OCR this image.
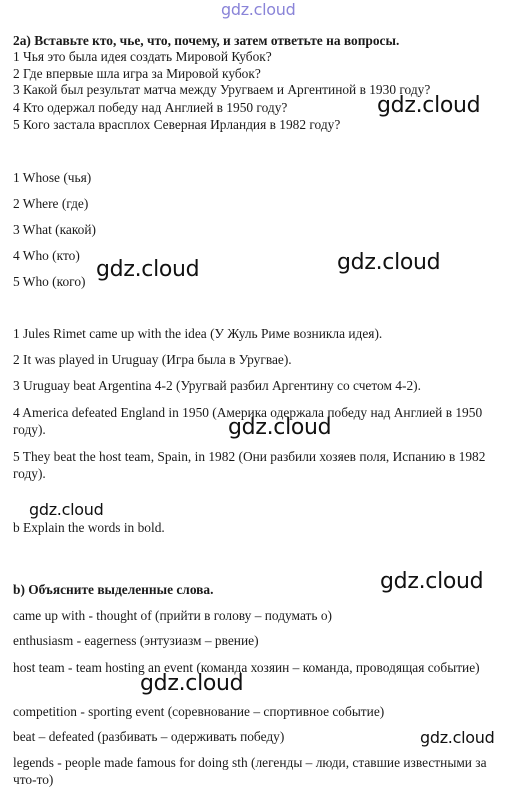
gdz.cloud
gdz.cloud
gdz.cloud	gdz.cloud
gdz.cloud
gdz.cloud
gdz.cloud
gdz.cloud
gdz.cloud
2a) Вставьте кто, чье, что, почему, и затем ответьте на вопросы.
1 Чья это была идея создать Мировой Кубок?
2 Где впервые шла игра за Мировой кубок?
3 Какой был результат матча между Уругваем и Аргентиной в 1930 году?
4 Кто одержал победу над Англией в 1950 году?
5 Кого застала врасплох Северная Ирландия в 1982 году?
1 Whose (чья)
2 Where (где)
3 What (какой)
4 Who (кто)
5 Who (кого)
1 Jules Rimet came up with the idea (У Жуль Риме возникла идея).
2 It was played in Uruguay (Игра была в Уругвае).
3 Uruguay beat Argentina 4-2 (Уругвай разбил Аргентину со счетом 4-2).
4 America defeated England in 1950 (Америка одержала победу над Англией в 1950 году).
5 They beat the host team, Spain, in 1982 (Они разбили хозяев поля, Испанию в 1982 году).
b Explain the words in bold.
b) Объясните выделенные слова.
came up with - thought of (прийти в голову – подумать о)
enthusiasm - eagerness (энтузиазм – рвение)
host team - team hosting an event (команда хозяин – команда, проводящая событие)
competition - sporting event (соревнование – спортивное событие)
beat – defeated (разбивать – одерживать победу)
legends - people made famous for doing sth (легенды – люди, ставшие известными за что-то)
